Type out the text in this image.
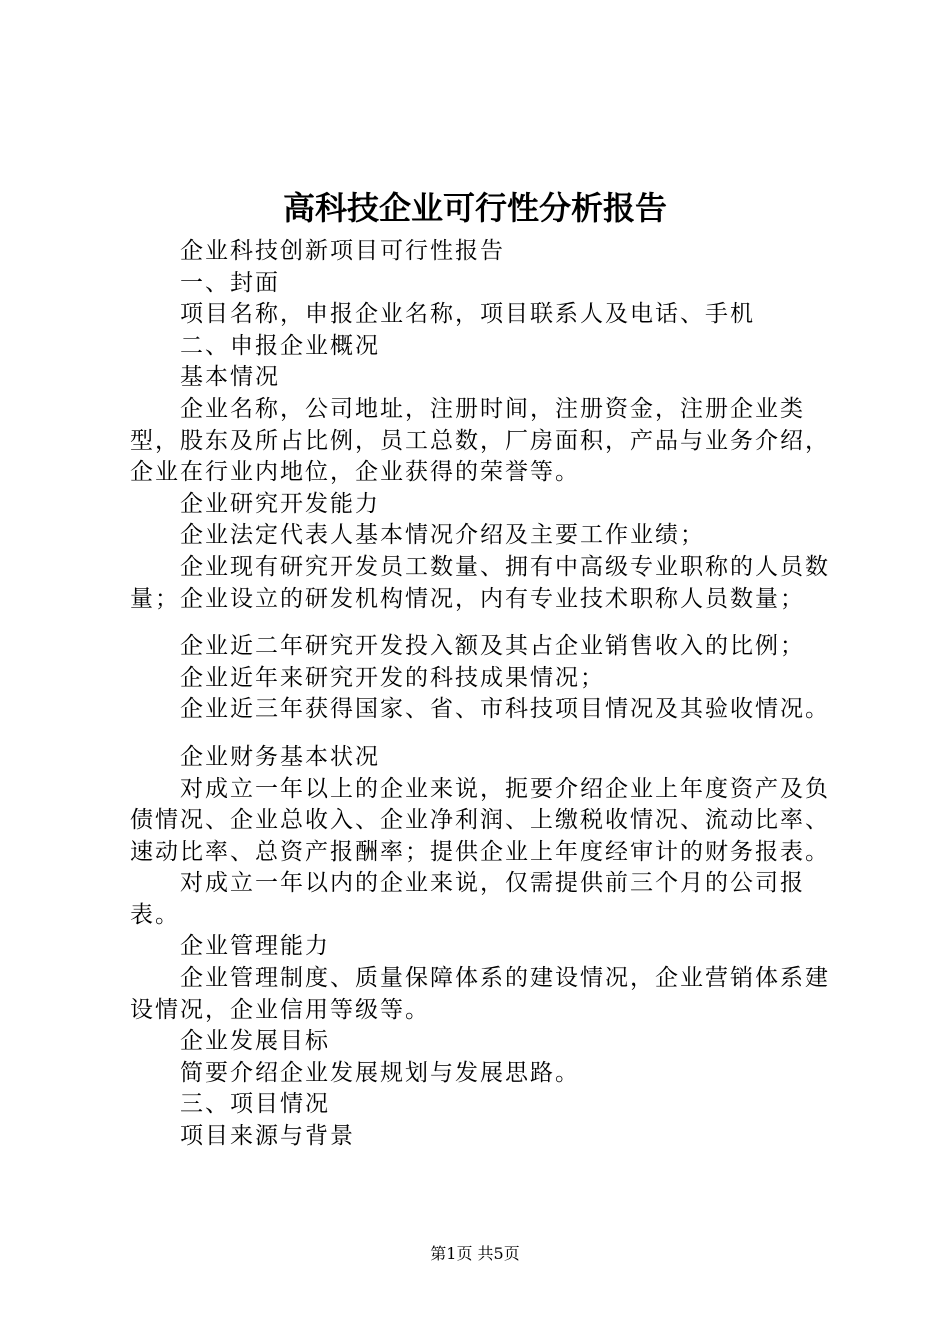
高科技企业可行性分析报告

企业科技创新项目可行性报告

一、封面

项目名称，申报企业名称，项目联系人及电话、手机

二、申报企业概况

基本情况

企业名称，公司地址，注册时间，注册资金，注册企业类型，股东及所占比例，员工总数，厂房面积，产品与业务介绍，企业在行业内地位，企业获得的荣誉等。

企业研究开发能力

企业法定代表人基本情况介绍及主要工作业绩；

企业现有研究开发员工数量、拥有中高级专业职称的人员数量；企业设立的研发机构情况，内有专业技术职称人员数量；

企业近二年研究开发投入额及其占企业销售收入的比例；

企业近年来研究开发的科技成果情况；

企业近三年获得国家、省、市科技项目情况及其验收情况。

企业财务基本状况

对成立一年以上的企业来说，扼要介绍企业上年度资产及负债情况、企业总收入、企业净利润、上缴税收情况、流动比率、速动比率、总资产报酬率；提供企业上年度经审计的财务报表。

对成立一年以内的企业来说，仅需提供前三个月的公司报表。

企业管理能力

企业管理制度、质量保障体系的建设情况，企业营销体系建设情况，企业信用等级等。

企业发展目标

简要介绍企业发展规划与发展思路。

三、项目情况

项目来源与背景

第1页 共5页
